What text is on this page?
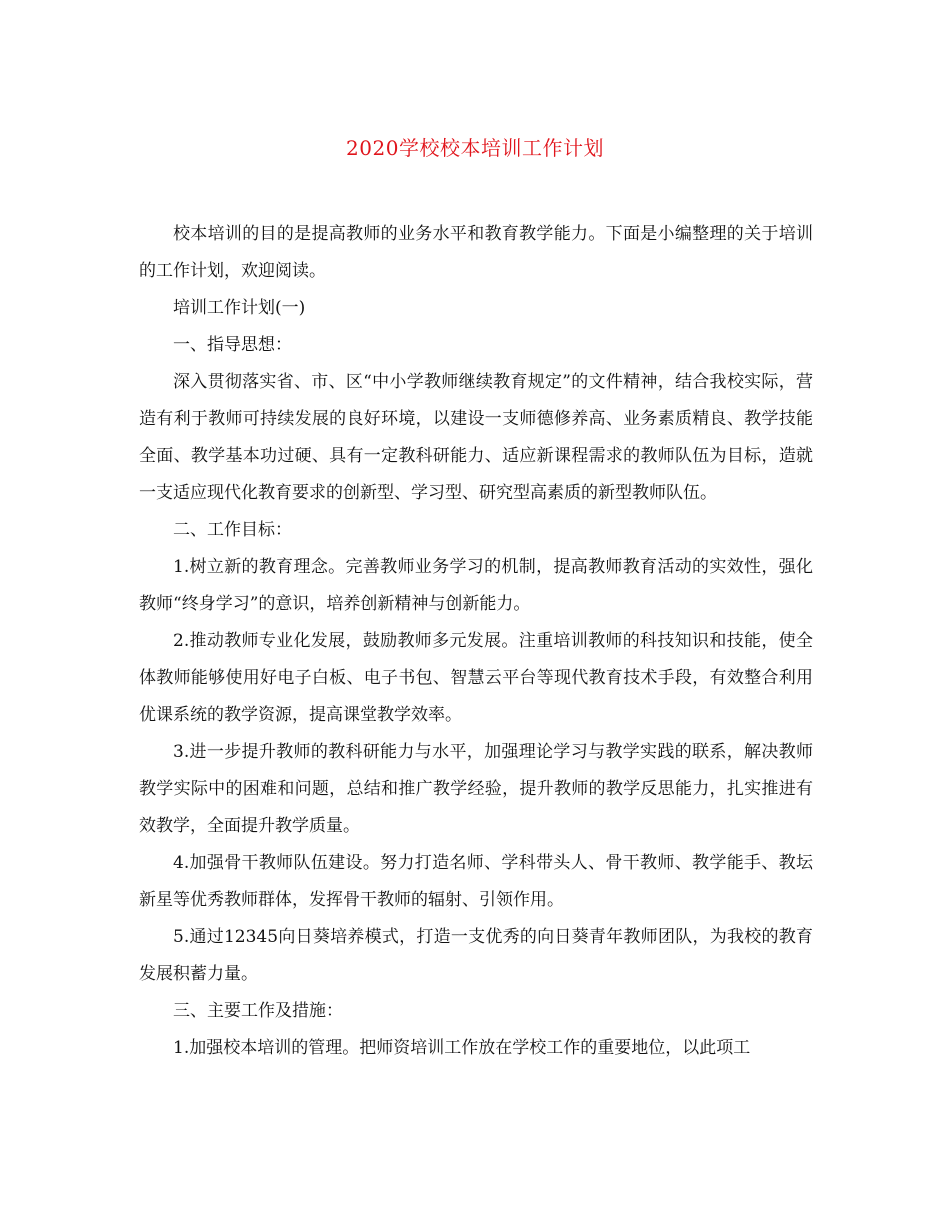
2020学校校本培训工作计划

校本培训的目的是提高教师的业务水平和教育教学能力。下面是小编整理的关于培训的工作计划，欢迎阅读。

培训工作计划(一)

一、指导思想：

深入贯彻落实省、市、区“中小学教师继续教育规定”的文件精神，结合我校实际，营造有利于教师可持续发展的良好环境，以建设一支师德修养高、业务素质精良、教学技能全面、教学基本功过硬、具有一定教科研能力、适应新课程需求的教师队伍为目标，造就一支适应现代化教育要求的创新型、学习型、研究型高素质的新型教师队伍。

二、工作目标：

1.树立新的教育理念。完善教师业务学习的机制，提高教师教育活动的实效性，强化教师“终身学习”的意识，培养创新精神与创新能力。

2.推动教师专业化发展，鼓励教师多元发展。注重培训教师的科技知识和技能，使全体教师能够使用好电子白板、电子书包、智慧云平台等现代教育技术手段，有效整合利用优课系统的教学资源，提高课堂教学效率。

3.进一步提升教师的教科研能力与水平，加强理论学习与教学实践的联系，解决教师教学实际中的困难和问题，总结和推广教学经验，提升教师的教学反思能力，扎实推进有效教学，全面提升教学质量。

4.加强骨干教师队伍建设。努力打造名师、学科带头人、骨干教师、教学能手、教坛新星等优秀教师群体，发挥骨干教师的辐射、引领作用。

5.通过12345向日葵培养模式，打造一支优秀的向日葵青年教师团队，为我校的教育发展积蓄力量。

三、主要工作及措施：

1.加强校本培训的管理。把师资培训工作放在学校工作的重要地位，以此项工
